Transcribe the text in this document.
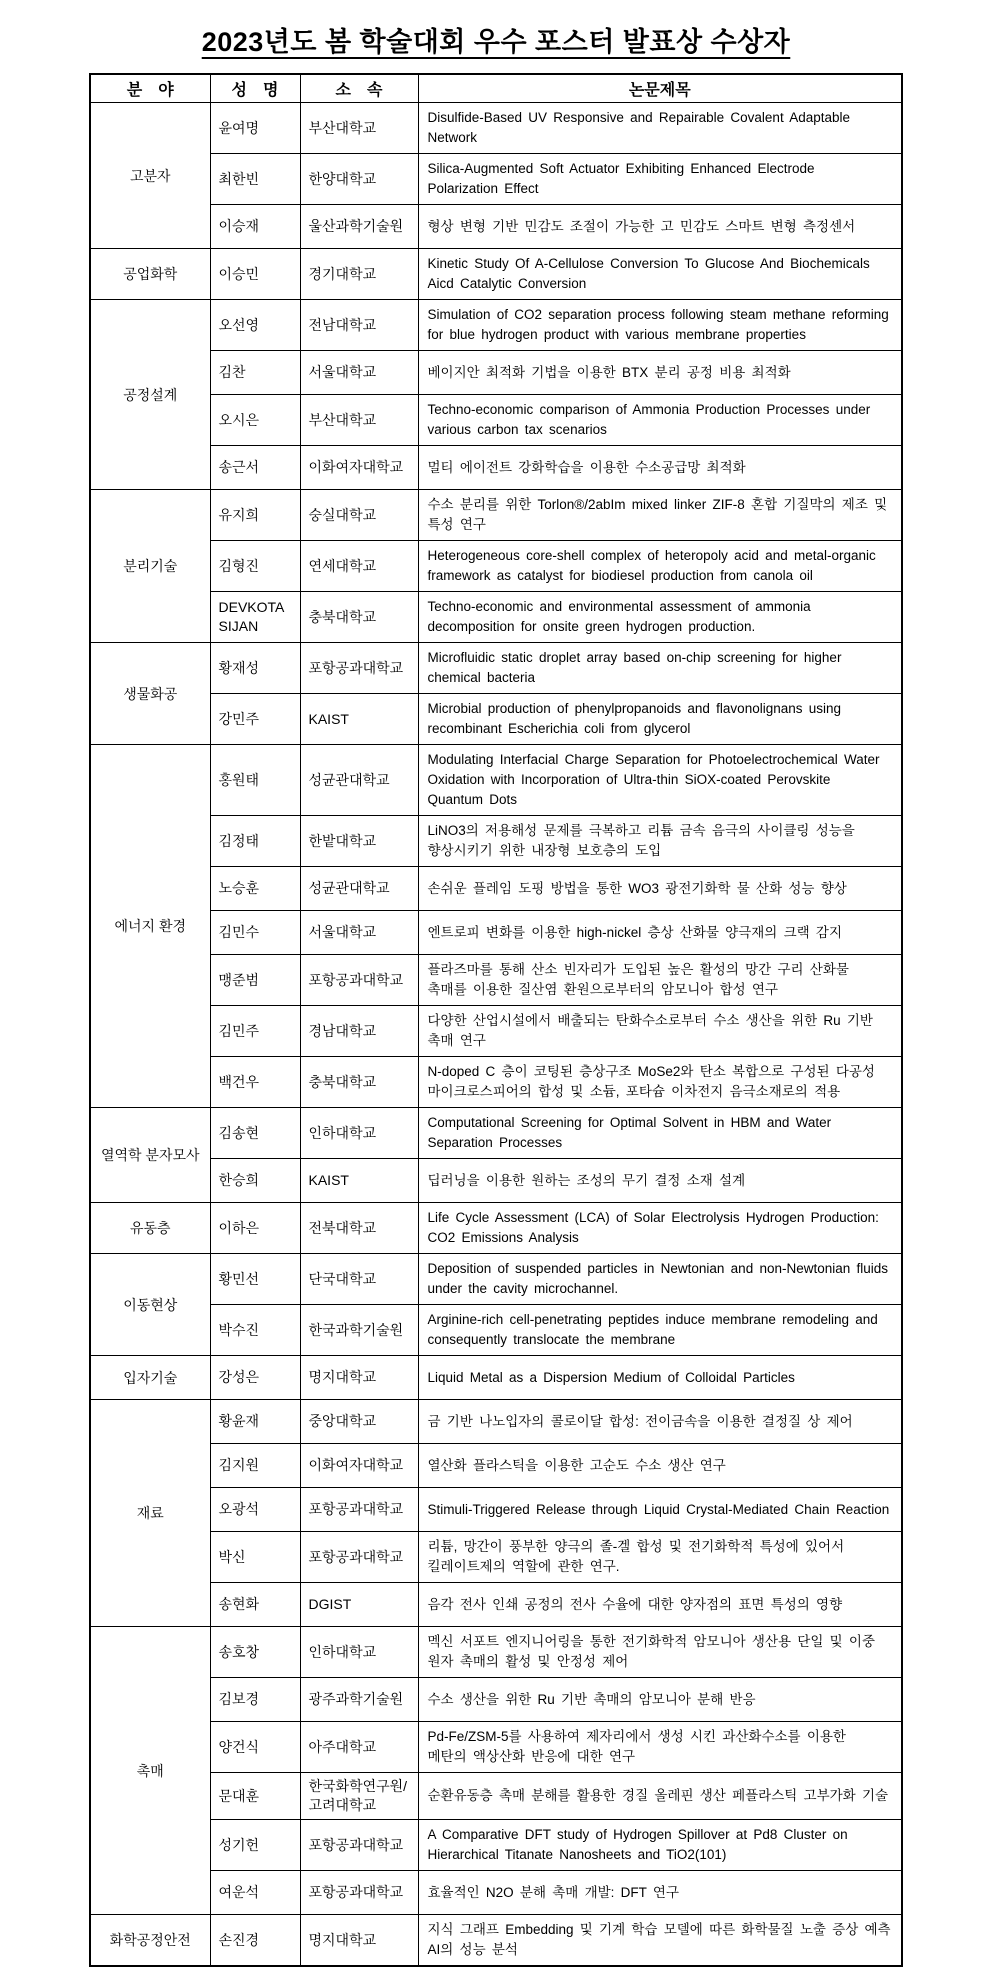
2023년도 봄 학술대회 우수 포스터 발표상 수상자
분　야	성　명	소　속	논문제목
고분자	윤여명	부산대학교	Disulfide-Based UV Responsive and Repairable Covalent Adaptable Network
	최한빈	한양대학교	Silica-Augmented Soft Actuator Exhibiting Enhanced Electrode Polarization Effect
	이승재	울산과학기술원	형상 변형 기반 민감도 조절이 가능한 고 민감도 스마트 변형 측정센서
공업화학	이승민	경기대학교	Kinetic Study Of A-Cellulose Conversion To Glucose And Biochemicals Aicd Catalytic Conversion
공정설계	오선영	전남대학교	Simulation of CO2 separation process following steam methane reforming for blue hydrogen product with various membrane properties
	김찬	서울대학교	베이지안 최적화 기법을 이용한 BTX 분리 공정 비용 최적화
	오시은	부산대학교	Techno-economic comparison of Ammonia Production Processes under various carbon tax scenarios
	송근서	이화여자대학교	멀티 에이전트 강화학습을 이용한 수소공급망 최적화
분리기술	유지희	숭실대학교	수소 분리를 위한 Torlon®/2abIm mixed linker ZIF-8 혼합 기질막의 제조 및 특성 연구
	김형진	연세대학교	Heterogeneous core-shell complex of heteropoly acid and metal-organic framework as catalyst for biodiesel production from canola oil
	DEVKOTA SIJAN	충북대학교	Techno-economic and environmental assessment of ammonia decomposition for onsite green hydrogen production.
생물화공	황재성	포항공과대학교	Microfluidic static droplet array based on-chip screening for higher chemical bacteria
	강민주	KAIST	Microbial production of phenylpropanoids and flavonolignans using recombinant Escherichia coli from glycerol
에너지 환경	홍원태	성균관대학교	Modulating Interfacial Charge Separation for Photoelectrochemical Water Oxidation with Incorporation of Ultra-thin SiOX-coated Perovskite Quantum Dots
	김정태	한밭대학교	LiNO3의 저용해성 문제를 극복하고 리튬 금속 음극의 사이클링 성능을 향상시키기 위한 내장형 보호층의 도입
	노승훈	성균관대학교	손쉬운 플레임 도핑 방법을 통한 WO3 광전기화학 물 산화 성능 향상
	김민수	서울대학교	엔트로피 변화를 이용한 high-nickel 층상 산화물 양극재의 크랙 감지
	맹준범	포항공과대학교	플라즈마를 통해 산소 빈자리가 도입된 높은 활성의 망간 구리 산화물 촉매를 이용한 질산염 환원으로부터의 암모니아 합성 연구
	김민주	경남대학교	다양한 산업시설에서 배출되는 탄화수소로부터 수소 생산을 위한 Ru 기반 촉매 연구
	백건우	충북대학교	N-doped C 층이 코팅된 층상구조 MoSe2와 탄소 복합으로 구성된 다공성 마이크로스피어의 합성 및 소듐, 포타슘 이차전지 음극소재로의 적용
열역학 분자모사	김송현	인하대학교	Computational Screening for Optimal Solvent in HBM and Water Separation Processes
	한승희	KAIST	딥러닝을 이용한 원하는 조성의 무기 결정 소재 설계
유동층	이하은	전북대학교	Life Cycle Assessment (LCA) of Solar Electrolysis Hydrogen Production: CO2 Emissions Analysis
이동현상	황민선	단국대학교	Deposition of suspended particles in Newtonian and non-Newtonian fluids under the cavity microchannel.
	박수진	한국과학기술원	Arginine-rich cell-penetrating peptides induce membrane remodeling and consequently translocate the membrane
입자기술	강성은	명지대학교	Liquid Metal as a Dispersion Medium of Colloidal Particles
재료	황윤재	중앙대학교	금 기반 나노입자의 콜로이달 합성: 전이금속을 이용한 결정질 상 제어
	김지원	이화여자대학교	열산화 플라스틱을 이용한 고순도 수소 생산 연구
	오광석	포항공과대학교	Stimuli-Triggered Release through Liquid Crystal-Mediated Chain Reaction
	박신	포항공과대학교	리튬, 망간이 풍부한 양극의 졸-겔 합성 및 전기화학적 특성에 있어서 킬레이트제의 역할에 관한 연구.
	송현화	DGIST	음각 전사 인쇄 공정의 전사 수율에 대한 양자점의 표면 특성의 영향
촉매	송호창	인하대학교	멕신 서포트 엔지니어링을 통한 전기화학적 암모니아 생산용 단일 및 이중 원자 촉매의 활성 및 안정성 제어
	김보경	광주과학기술원	수소 생산을 위한 Ru 기반 촉매의 암모니아 분해 반응
	양건식	아주대학교	Pd-Fe/ZSM-5를 사용하여 제자리에서 생성 시킨 과산화수소를 이용한 메탄의 액상산화 반응에 대한 연구
	문대훈	한국화학연구원/고려대학교	순환유동층 촉매 분해를 활용한 경질 올레핀 생산 페플라스틱 고부가화 기술
	성기헌	포항공과대학교	A Comparative DFT study of Hydrogen Spillover at Pd8 Cluster on Hierarchical Titanate Nanosheets and TiO2(101)
	여운석	포항공과대학교	효율적인 N2O 분해 촉매 개발: DFT 연구
화학공정안전	손진경	명지대학교	지식 그래프 Embedding 및 기계 학습 모델에 따른 화학물질 노출 증상 예측 AI의 성능 분석
